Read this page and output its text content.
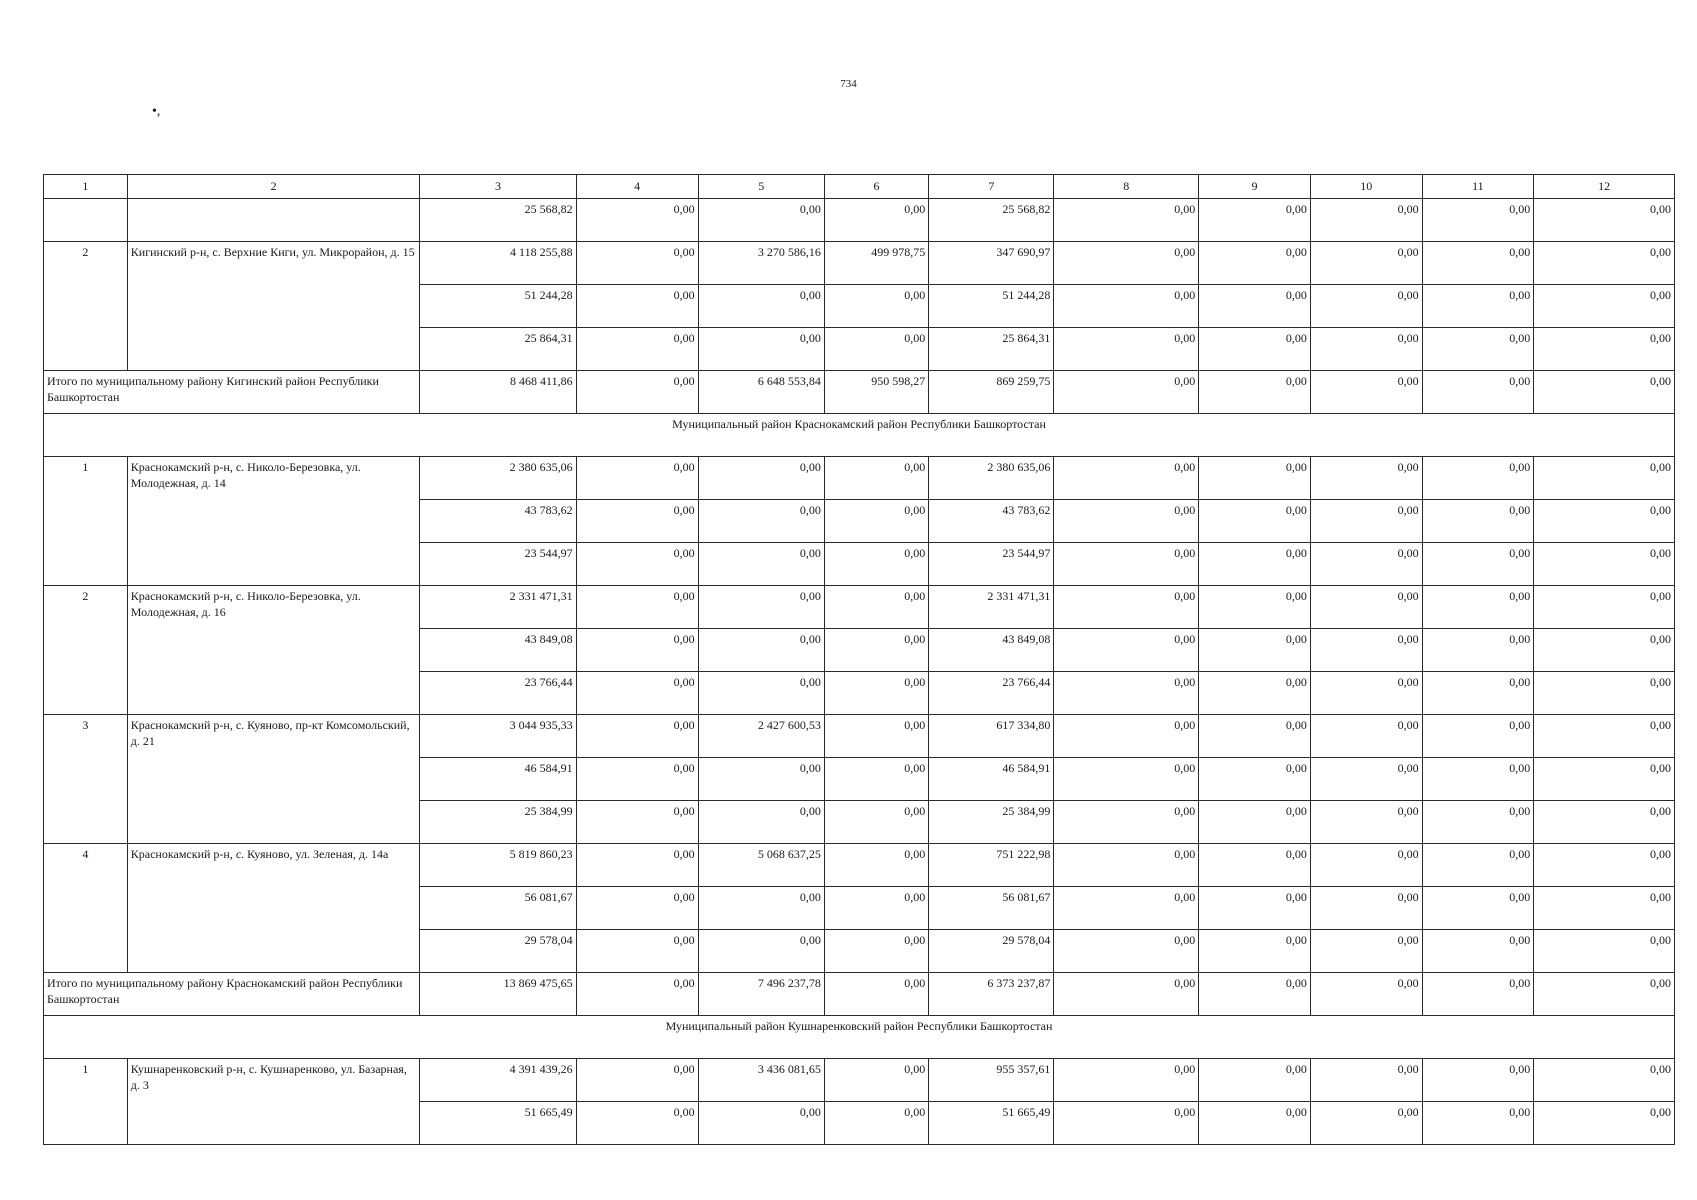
734
•,
1	2	3	4	5	6	7	8	9	10	11	12
		25 568,82	0,00	0,00	0,00	25 568,82	0,00	0,00	0,00	0,00	0,00
2	Кигинский р-н, с. Верхние Киги, ул. Микрорайон, д. 15	4 118 255,88	0,00	3 270 586,16	499 978,75	347 690,97	0,00	0,00	0,00	0,00	0,00
		51 244,28	0,00	0,00	0,00	51 244,28	0,00	0,00	0,00	0,00	0,00
		25 864,31	0,00	0,00	0,00	25 864,31	0,00	0,00	0,00	0,00	0,00
Итого по муниципальному району Кигинский район Республики Башкортостан		8 468 411,86	0,00	6 648 553,84	950 598,27	869 259,75	0,00	0,00	0,00	0,00	0,00
Муниципальный район Краснокамский район Республики Башкортостан											
1	Краснокамский р-н, с. Николо-Березовка, ул. Молодежная, д. 14	2 380 635,06	0,00	0,00	0,00	2 380 635,06	0,00	0,00	0,00	0,00	0,00
		43 783,62	0,00	0,00	0,00	43 783,62	0,00	0,00	0,00	0,00	0,00
		23 544,97	0,00	0,00	0,00	23 544,97	0,00	0,00	0,00	0,00	0,00
2	Краснокамский р-н, с. Николо-Березовка, ул. Молодежная, д. 16	2 331 471,31	0,00	0,00	0,00	2 331 471,31	0,00	0,00	0,00	0,00	0,00
		43 849,08	0,00	0,00	0,00	43 849,08	0,00	0,00	0,00	0,00	0,00
		23 766,44	0,00	0,00	0,00	23 766,44	0,00	0,00	0,00	0,00	0,00
3	Краснокамский р-н, с. Куяново, пр-кт Комсомольский, д. 21	3 044 935,33	0,00	2 427 600,53	0,00	617 334,80	0,00	0,00	0,00	0,00	0,00
		46 584,91	0,00	0,00	0,00	46 584,91	0,00	0,00	0,00	0,00	0,00
		25 384,99	0,00	0,00	0,00	25 384,99	0,00	0,00	0,00	0,00	0,00
4	Краснокамский р-н, с. Куяново, ул. Зеленая, д. 14а	5 819 860,23	0,00	5 068 637,25	0,00	751 222,98	0,00	0,00	0,00	0,00	0,00
		56 081,67	0,00	0,00	0,00	56 081,67	0,00	0,00	0,00	0,00	0,00
		29 578,04	0,00	0,00	0,00	29 578,04	0,00	0,00	0,00	0,00	0,00
Итого по муниципальному району Краснокамский район Республики Башкортостан		13 869 475,65	0,00	7 496 237,78	0,00	6 373 237,87	0,00	0,00	0,00	0,00	0,00
Муниципальный район Кушнаренковский район Республики Башкортостан											
1	Кушнаренковский р-н, с. Кушнаренково, ул. Базарная, д. 3	4 391 439,26	0,00	3 436 081,65	0,00	955 357,61	0,00	0,00	0,00	0,00	0,00
		51 665,49	0,00	0,00	0,00	51 665,49	0,00	0,00	0,00	0,00	0,00
